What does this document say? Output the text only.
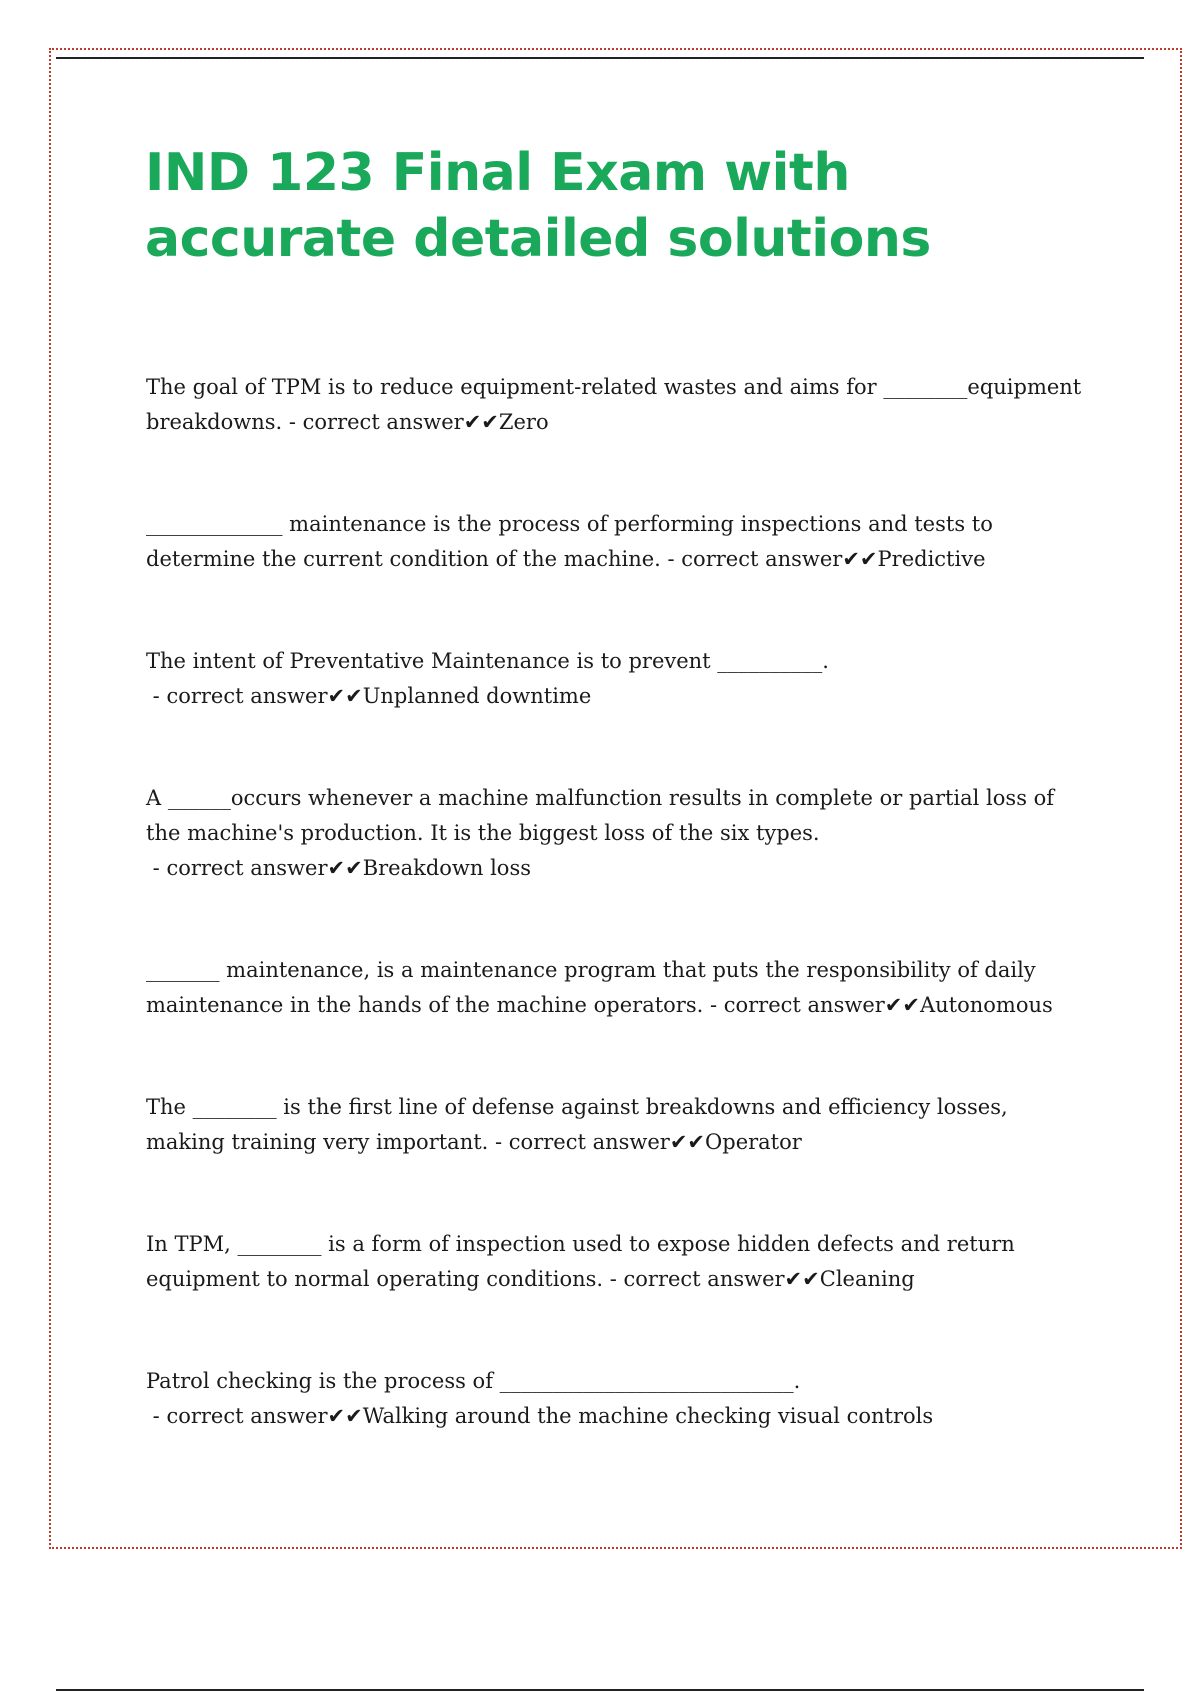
IND 123 Final Exam with accurate detailed solutions

The goal of TPM is to reduce equipment-related wastes and aims for ________equipment breakdowns. - correct answer✔✔Zero

_____________ maintenance is the process of performing inspections and tests to determine the current condition of the machine. - correct answer✔✔Predictive

The intent of Preventative Maintenance is to prevent __________. - correct answer✔✔Unplanned downtime

A ______occurs whenever a machine malfunction results in complete or partial loss of the machine's production. It is the biggest loss of the six types. - correct answer✔✔Breakdown loss

_______ maintenance, is a maintenance program that puts the responsibility of daily maintenance in the hands of the machine operators. - correct answer✔✔Autonomous

The ________ is the first line of defense against breakdowns and efficiency losses, making training very important. - correct answer✔✔Operator

In TPM, ________ is a form of inspection used to expose hidden defects and return equipment to normal operating conditions. - correct answer✔✔Cleaning

Patrol checking is the process of ____________________________. - correct answer✔✔Walking around the machine checking visual controls
